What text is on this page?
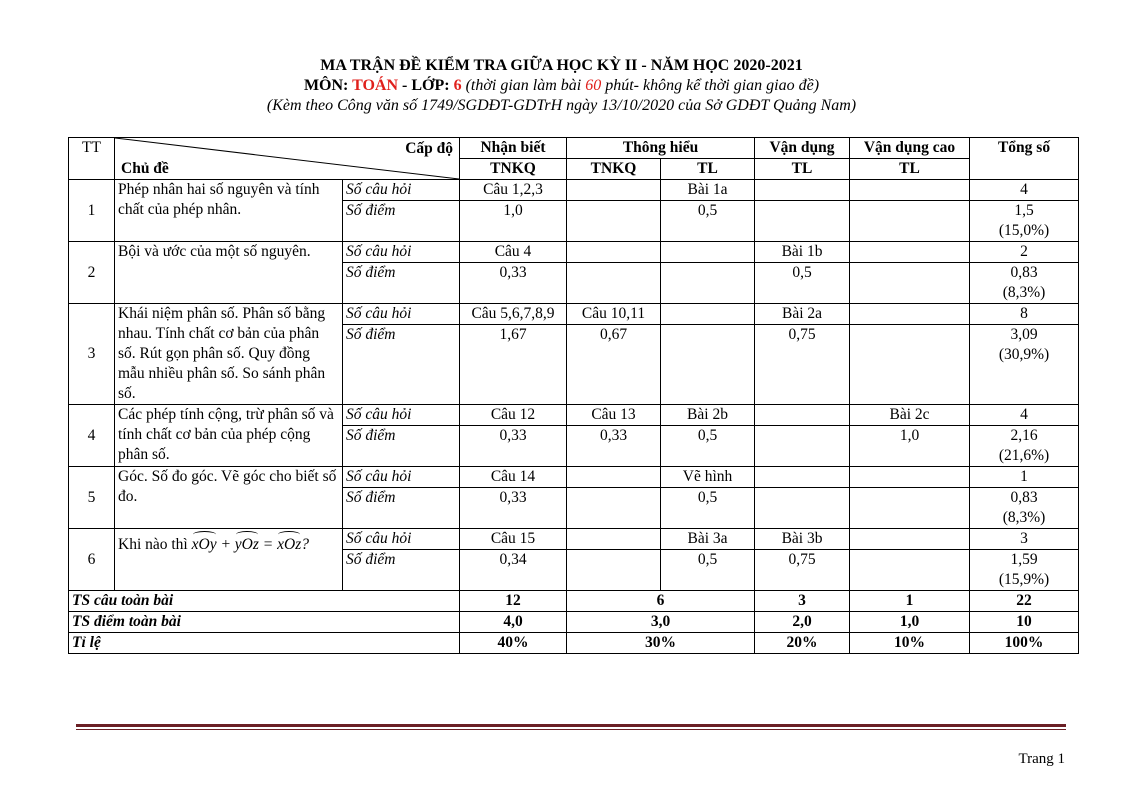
MA TRẬN ĐỀ KIỂM TRA GIỮA HỌC KỲ II - NĂM HỌC 2020-2021
MÔN: TOÁN - LỚP: 6 (thời gian làm bài 60 phút- không kể thời gian giao đề)
(Kèm theo Công văn số 1749/SGDĐT-GDTrH ngày 13/10/2020 của Sở GDĐT Quảng Nam)
TT	Cấp độ
Chủ đề		Nhận biết	Thông hiểu		Vận dụng	Vận dụng cao	Tổng số
			TNKQ	TNKQ	TL	TL	TL	
1	Phép nhân hai số nguyên và tính chất của phép nhân.	Số câu hỏi	Câu 1,2,3		Bài 1a			4
		Số điểm	1,0		0,5			1,5
(15,0%)

2	Bội và ước của một số nguyên.	Số câu hỏi	Câu 4			Bài 1b		2
		Số điểm	0,33			0,5		0,83
(8,3%)

3	Khái niệm phân số. Phân số bằng nhau. Tính chất cơ bản của phân số. Rút gọn phân số. Quy đồng mẫu nhiều phân số. So sánh phân số.	Số câu hỏi	Câu 5,6,7,8,9	Câu 10,11		Bài 2a		8
		Số điểm	1,67	0,67		0,75		3,09
(30,9%)

4	Các phép tính cộng, trừ phân số và tính chất cơ bản của phép cộng phân số.	Số câu hỏi	Câu 12	Câu 13	Bài 2b		Bài 2c	4
		Số điểm	0,33	0,33	0,5		1,0	2,16
(21,6%)

5	Góc. Số đo góc. Vẽ góc cho biết số đo.	Số câu hỏi	Câu 14		Vẽ hình			1
		Số điểm	0,33		0,5			0,83
(8,3%)

6	Khi nào thì xOy + yOz = xOz?	Số câu hỏi	Câu 15		Bài 3a	Bài 3b		3
		Số điểm	0,34		0,5	0,75		1,59
(15,9%)

TS câu toàn bài			12	6		3	1	22
TS điểm toàn bài			4,0	3,0		2,0	1,0	10
Tỉ lệ			40%	30%		20%	10%	100%
Trang 1
